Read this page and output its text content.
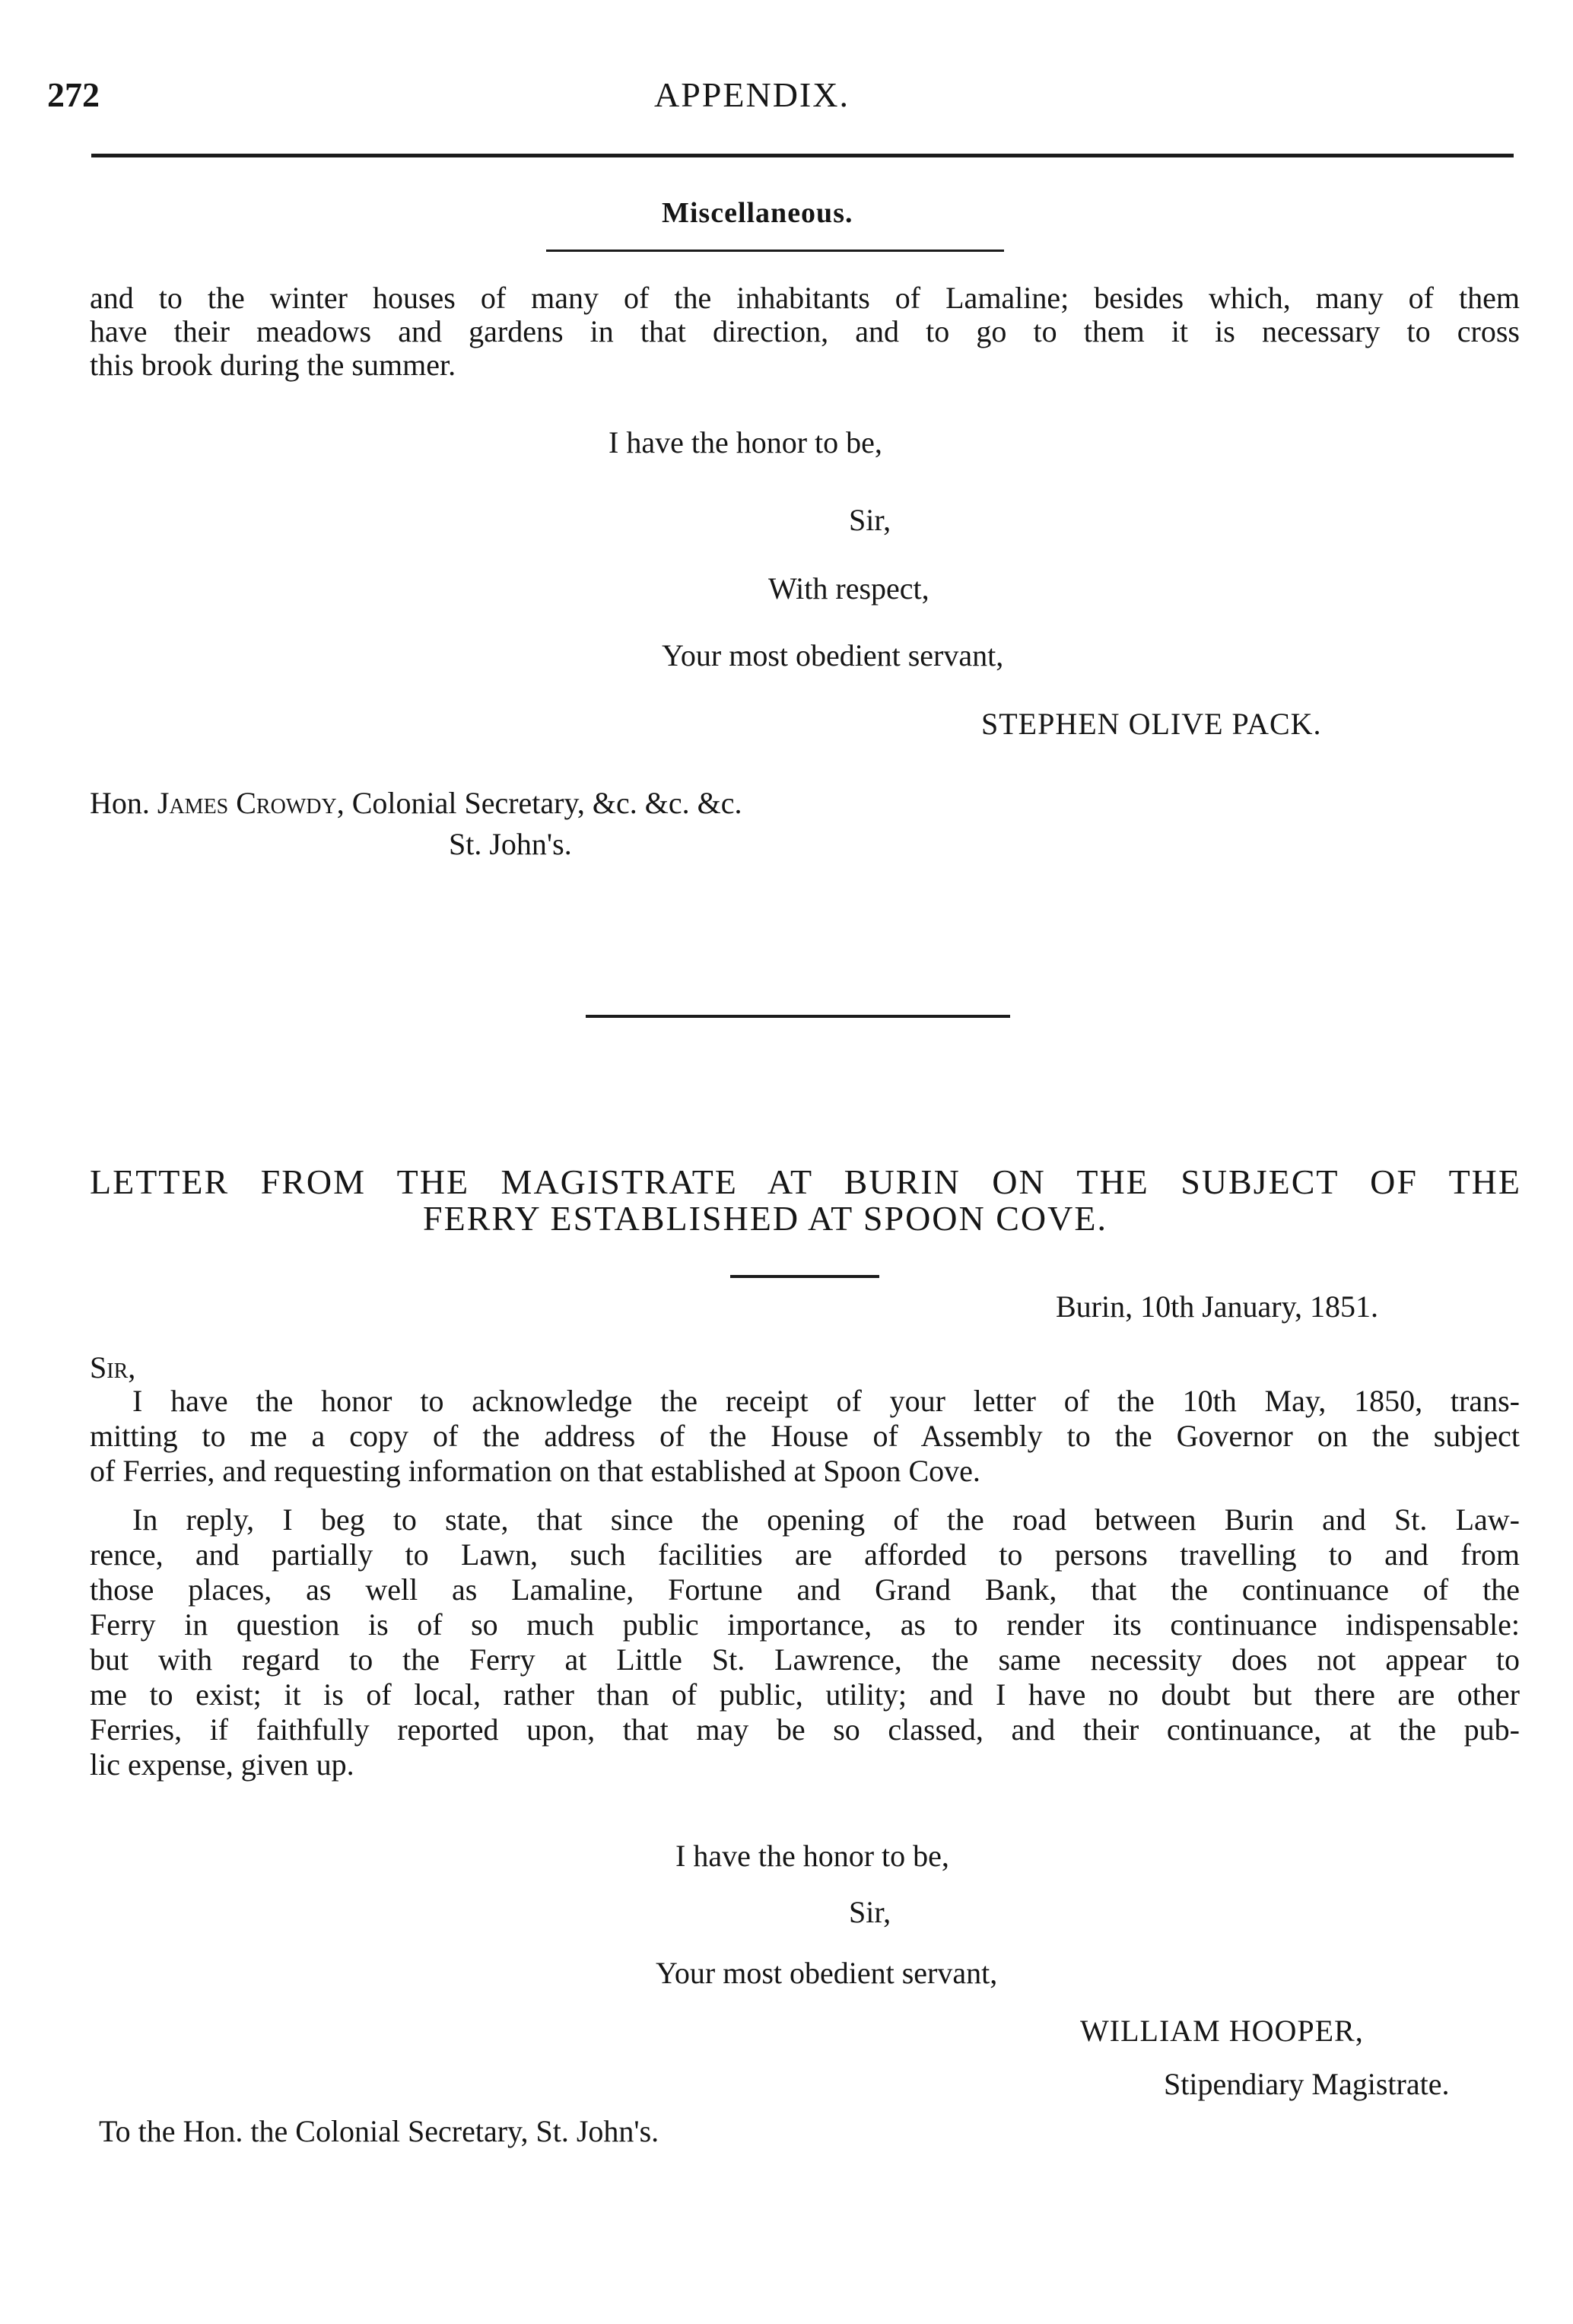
272	APPENDIX.
Miscellaneous.
and to the winter houses of many of the inhabitants of Lamaline; besides which, many of them
have their meadows and gardens in that direction, and to go to them it is necessary to cross
this brook during the summer.
I have the honor to be,
Sir,
With respect,
Your most obedient servant,
STEPHEN OLIVE PACK.
Hon. James Crowdy, Colonial Secretary, &c. &c. &c.
St. John's.
LETTER FROM THE MAGISTRATE AT BURIN ON THE SUBJECT OF THE
FERRY ESTABLISHED AT SPOON COVE.
Burin, 10th January, 1851.
Sir,
I have the honor to acknowledge the receipt of your letter of the 10th May, 1850, trans-
mitting to me a copy of the address of the House of Assembly to the Governor on the subject
of Ferries, and requesting information on that established at Spoon Cove.
In reply, I beg to state, that since the opening of the road between Burin and St. Law-
rence, and partially to Lawn, such facilities are afforded to persons travelling to and from
those places, as well as Lamaline, Fortune and Grand Bank, that the continuance of the
Ferry in question is of so much public importance, as to render its continuance indispensable:
but with regard to the Ferry at Little St. Lawrence, the same necessity does not appear to
me to exist; it is of local, rather than of public, utility; and I have no doubt but there are other
Ferries, if faithfully reported upon, that may be so classed, and their continuance, at the pub-
lic expense, given up.
I have the honor to be,
Sir,
Your most obedient servant,
WILLIAM HOOPER,
Stipendiary Magistrate.
To the Hon. the Colonial Secretary, St. John's.
